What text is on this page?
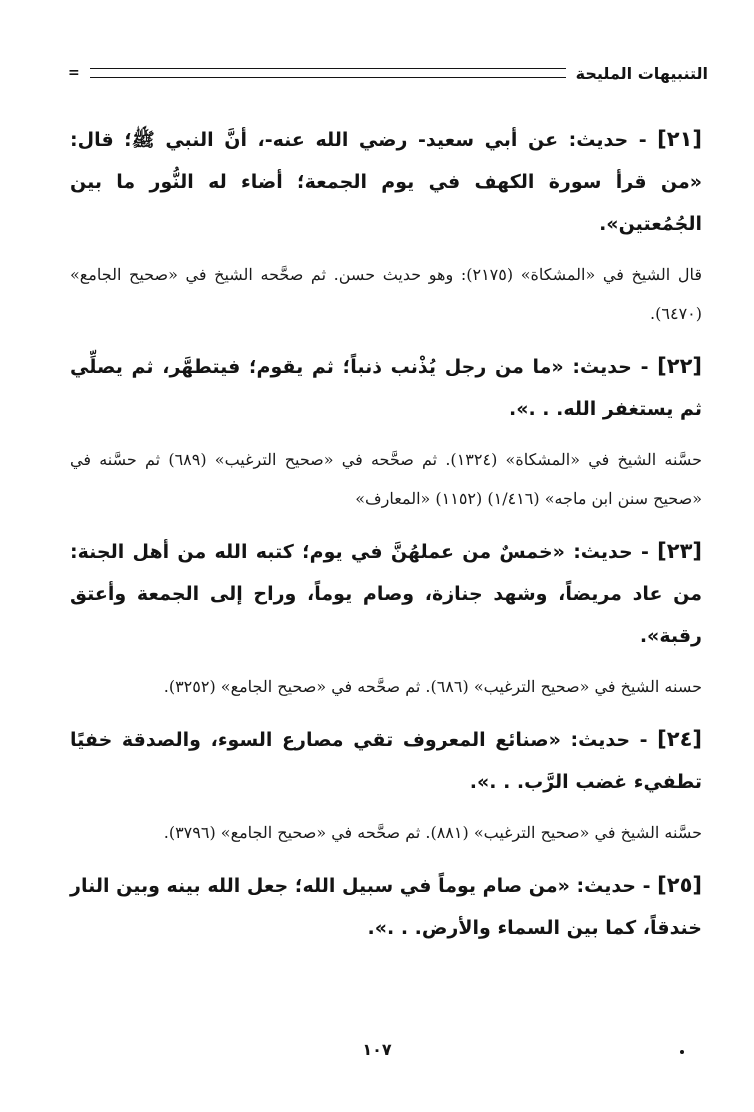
التنبيهات المليحة
=

[٢١] - حديث: عن أبي سعيد- رضي الله عنه-، أنَّ النبي ﷺ؛ قال: «من قرأ سورة الكهف في يوم الجمعة؛ أضاء له النُّور ما بين الجُمُعتين».

قال الشيخ في «المشكاة» (٢١٧٥): وهو حديث حسن. ثم صحَّحه الشيخ في «صحيح الجامع» (٦٤٧٠).

[٢٢] - حديث: «ما من رجل يُذْنب ذنباً؛ ثم يقوم؛ فيتطهَّر، ثم يصلِّي ثم يستغفر الله. . .».

حسَّنه الشيخ في «المشكاة» (١٣٢٤). ثم صحَّحه في «صحيح الترغيب» (٦٨٩) ثم حسَّنه في «صحيح سنن ابن ماجه» (١/٤١٦) (١١٥٢) «المعارف»

[٢٣] - حديث: «خمسٌ من عملهُنَّ في يوم؛ كتبه الله من أهل الجنة: من عاد مريضاً، وشهد جنازة، وصام يوماً، وراح إلى الجمعة وأعتق رقبة».

حسنه الشيخ في «صحيح الترغيب» (٦٨٦). ثم صحَّحه في «صحيح الجامع» (٣٢٥٢).

[٢٤] - حديث: «صنائع المعروف تقي مصارع السوء، والصدقة خفيًا تطفيء غضب الرَّب. . .».

حسَّنه الشيخ في «صحيح الترغيب» (٨٨١). ثم صحَّحه في «صحيح الجامع» (٣٧٩٦).

[٢٥] - حديث: «من صام يوماً في سبيل الله؛ جعل الله بينه وبين النار خندقاً، كما بين السماء والأرض. . .».

١٠٧
